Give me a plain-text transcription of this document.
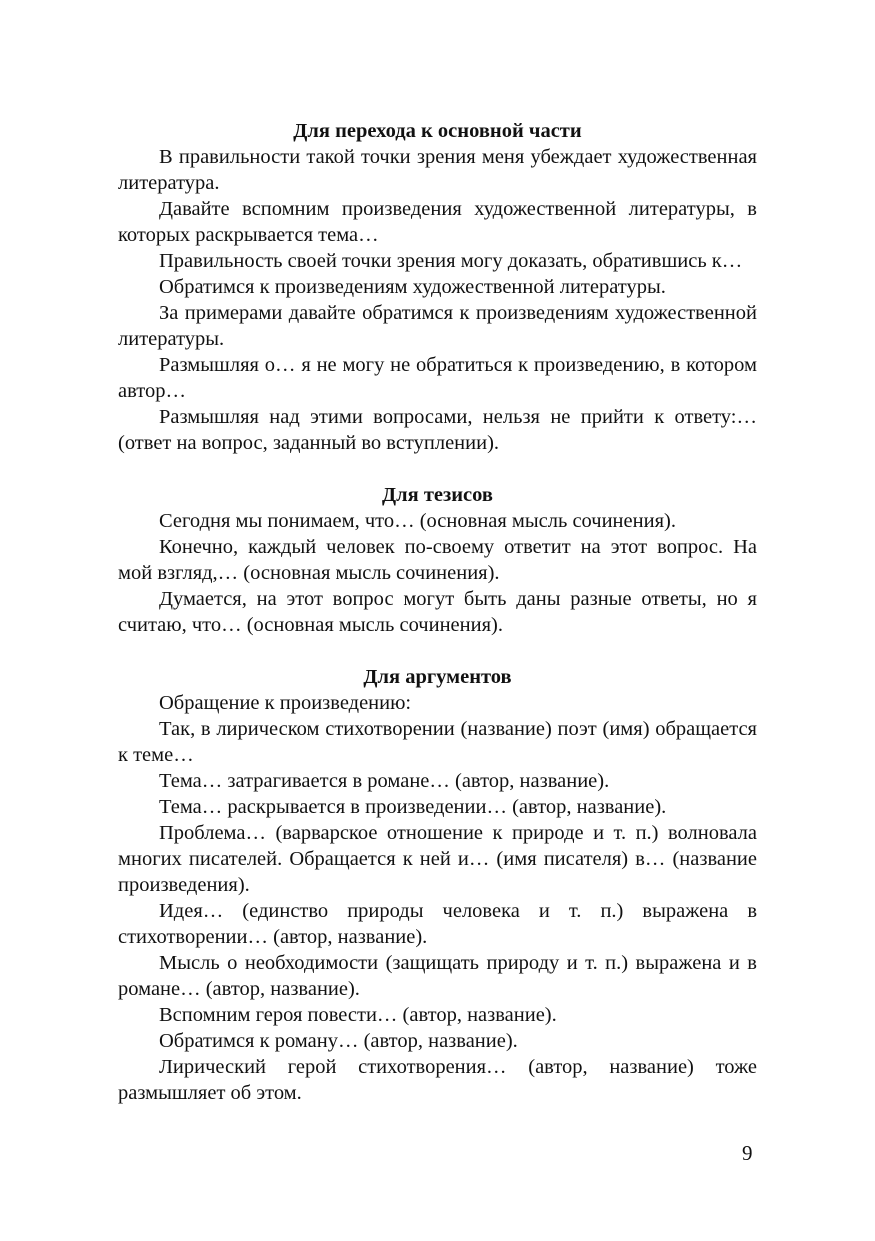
Для перехода к основной части

В правильности такой точки зрения меня убеждает художественная литература.

Давайте вспомним произведения художественной литературы, в которых раскрывается тема…

Правильность своей точки зрения могу доказать, обратившись к…

Обратимся к произведениям художественной литературы.

За примерами давайте обратимся к произведениям художественной литературы.

Размышляя о… я не могу не обратиться к произведению, в котором автор…

Размышляя над этими вопросами, нельзя не прийти к ответу:… (ответ на вопрос, заданный во вступлении).

Для тезисов

Сегодня мы понимаем, что… (основная мысль сочинения).

Конечно, каждый человек по-своему ответит на этот вопрос. На мой взгляд,… (основная мысль сочинения).

Думается, на этот вопрос могут быть даны разные ответы, но я считаю, что… (основная мысль сочинения).

Для аргументов

Обращение к произведению:

Так, в лирическом стихотворении (название) поэт (имя) обращается к теме…

Тема… затрагивается в романе… (автор, название).

Тема… раскрывается в произведении… (автор, название).

Проблема… (варварское отношение к природе и т. п.) волновала многих писателей. Обращается к ней и… (имя писателя) в… (название произведения).

Идея… (единство природы человека и т. п.) выражена в стихотворении… (автор, название).

Мысль о необходимости (защищать природу и т. п.) выражена и в романе… (автор, название).

Вспомним героя повести… (автор, название).

Обратимся к роману… (автор, название).

Лирический герой стихотворения… (автор, название) тоже размышляет об этом.

9
